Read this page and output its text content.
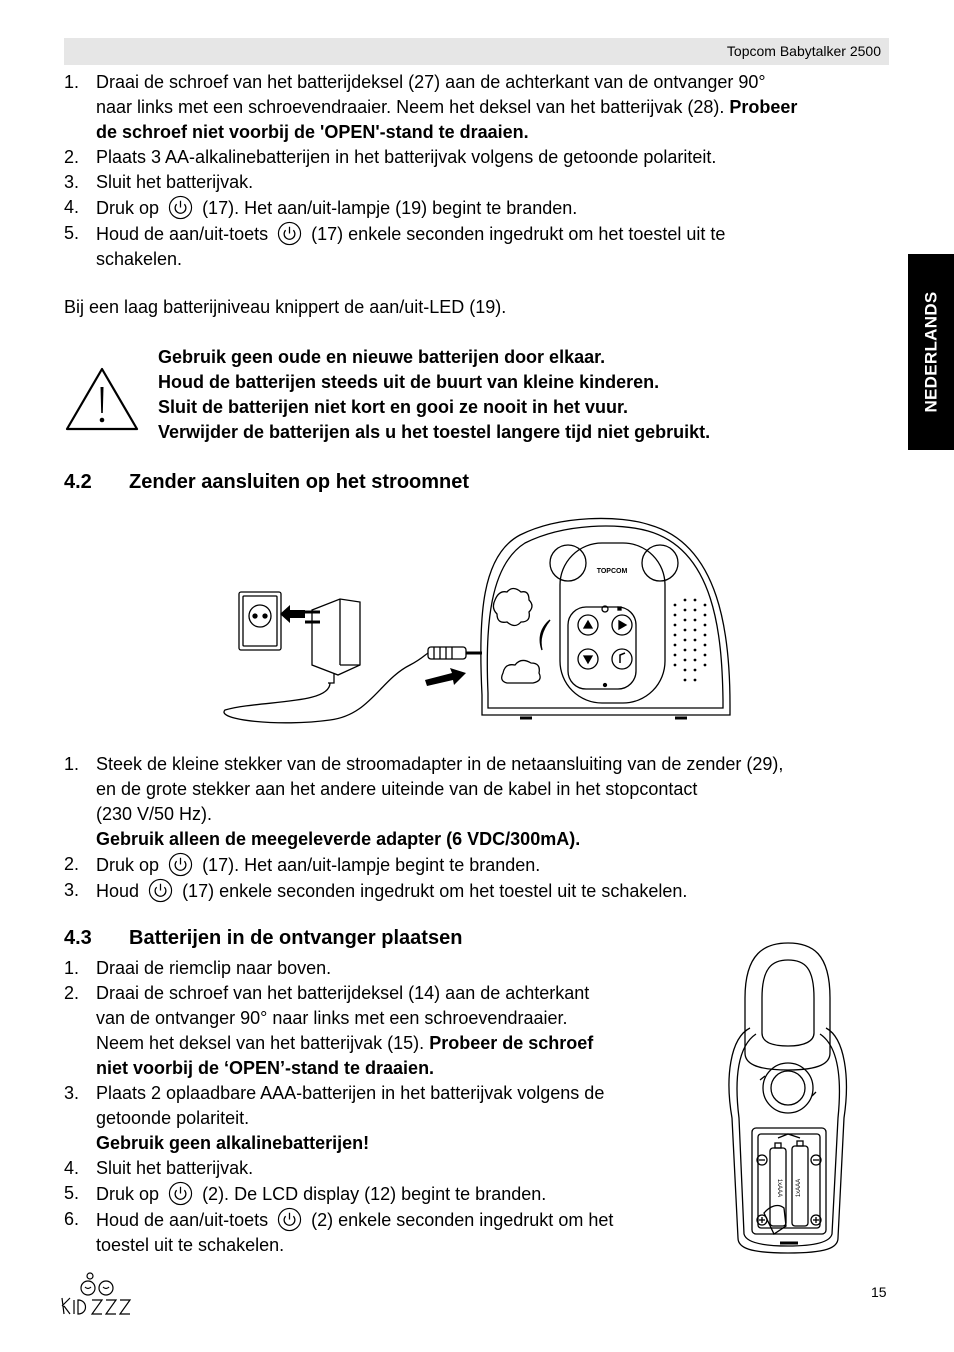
Topcom Babytalker 2500
NEDERLANDS
1. Draai de schroef van het batterijdeksel (27) aan de achterkant van de ontvanger 90°
naar links met een schroevendraaier. Neem het deksel van het batterijvak (28). Probeer
de schroef niet voorbij de 'OPEN'-stand te draaien.
2. Plaats 3 AA-alkalinebatterijen in het batterijvak volgens de getoonde polariteit.
3. Sluit het batterijvak.
4. Druk op (17). Het aan/uit-lampje (19) begint te branden.
5. Houd de aan/uit-toets (17) enkele seconden ingedrukt om het toestel uit te
schakelen.
Bij een laag batterijniveau knippert de aan/uit-LED (19).
Gebruik geen oude en nieuwe batterijen door elkaar.
Houd de batterijen steeds uit de buurt van kleine kinderen.
Sluit de batterijen niet kort en gooi ze nooit in het vuur.
Verwijder de batterijen als u het toestel langere tijd niet gebruikt.
4.2 Zender aansluiten op het stroomnet
TOPCOM
1. Steek de kleine stekker van de stroomadapter in de netaansluiting van de zender (29),
en de grote stekker aan het andere uiteinde van de kabel in het stopcontact
(230 V/50 Hz).
Gebruik alleen de meegeleverde adapter (6 VDC/300mA).
2. Druk op (17). Het aan/uit-lampje begint te branden.
3. Houd (17) enkele seconden ingedrukt om het toestel uit te schakelen.
4.3 Batterijen in de ontvanger plaatsen
1. Draai de riemclip naar boven.
2. Draai de schroef van het batterijdeksel (14) aan de achterkant
van de ontvanger 90° naar links met een schroevendraaier.
Neem het deksel van het batterijvak (15). Probeer de schroef
niet voorbij de ‘OPEN’-stand te draaien.
3. Plaats 2 oplaadbare AAA-batterijen in het batterijvak volgens de
getoonde polariteit.
Gebruik geen alkalinebatterijen!
4. Sluit het batterijvak.
5. Druk op (2). De LCD display (12) begint te branden.
6. Houd de aan/uit-toets (2) enkele seconden ingedrukt om het
toestel uit te schakelen.
1xAAA 1xAAA
15
